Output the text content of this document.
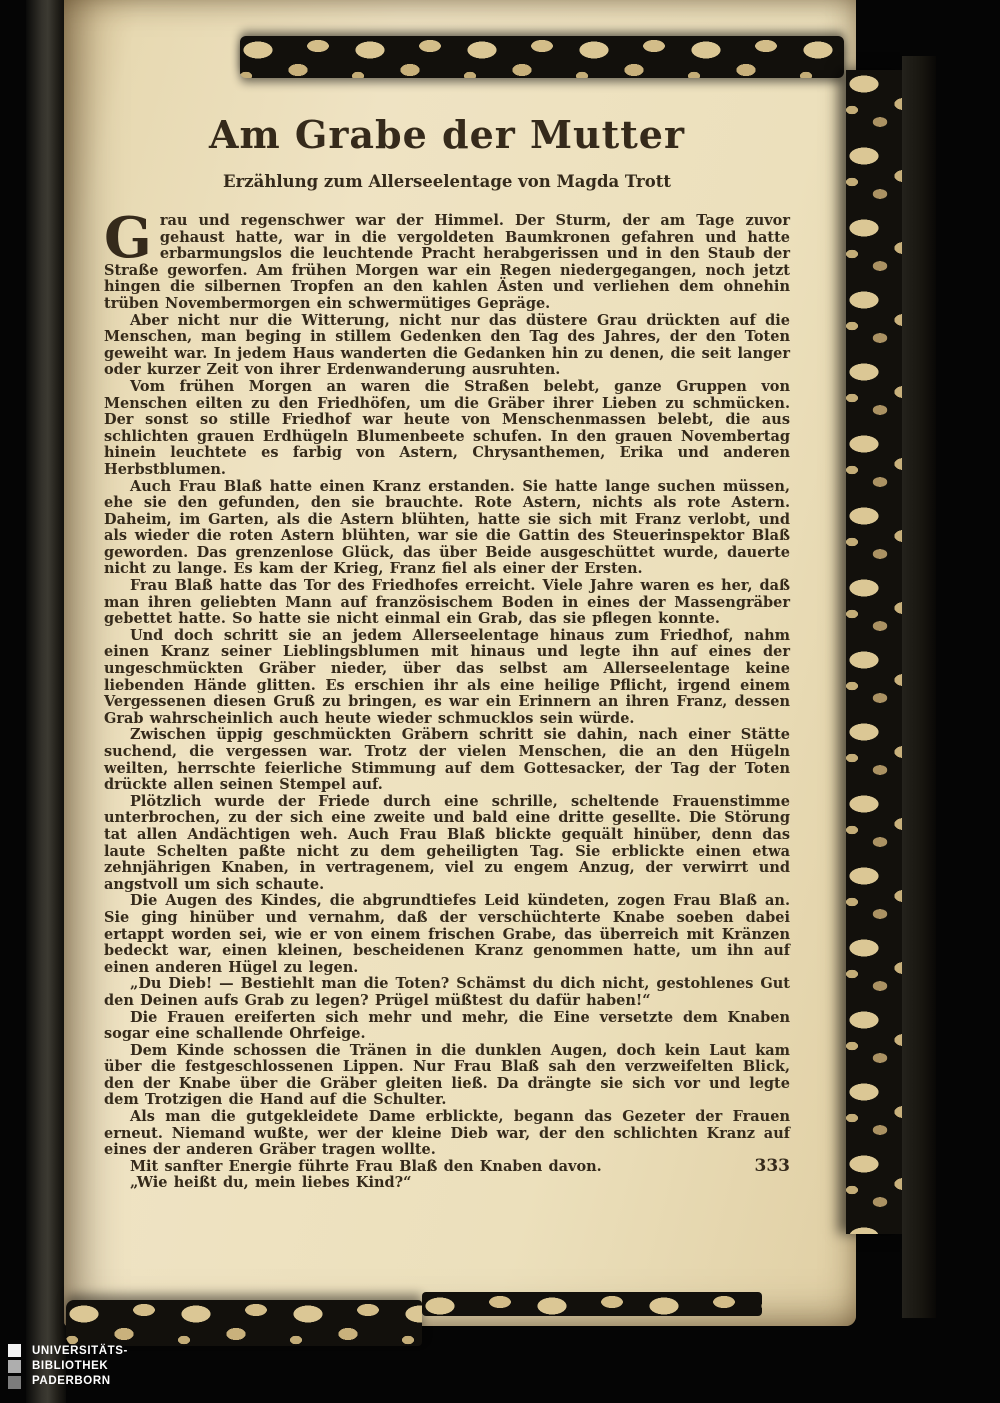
Am Grabe der Mutter
Erzählung zum Allerseelentage von Magda Trott

Grau und regenschwer war der Himmel. Der Sturm, der am Tage zuvor gehaust hatte, war in die vergoldeten Baumkronen gefahren und hatte erbarmungslos die leuchtende Pracht herabgerissen und in den Staub der Straße geworfen. Am frühen Morgen war ein Regen niedergegangen, noch jetzt hingen die silbernen Tropfen an den kahlen Ästen und verliehen dem ohnehin trüben Novembermorgen ein schwermütiges Gepräge.

Aber nicht nur die Witterung, nicht nur das düstere Grau drückten auf die Menschen, man beging in stillem Gedenken den Tag des Jahres, der den Toten geweiht war. In jedem Haus wanderten die Gedanken hin zu denen, die seit langer oder kurzer Zeit von ihrer Erdenwanderung ausruhten.

Vom frühen Morgen an waren die Straßen belebt, ganze Gruppen von Menschen eilten zu den Friedhöfen, um die Gräber ihrer Lieben zu schmücken. Der sonst so stille Friedhof war heute von Menschenmassen belebt, die aus schlichten grauen Erdhügeln Blumenbeete schufen. In den grauen Novembertag hinein leuchtete es farbig von Astern, Chrysanthemen, Erika und anderen Herbstblumen.

Auch Frau Blaß hatte einen Kranz erstanden. Sie hatte lange suchen müssen, ehe sie den gefunden, den sie brauchte. Rote Astern, nichts als rote Astern. Daheim, im Garten, als die Astern blühten, hatte sie sich mit Franz verlobt, und als wieder die roten Astern blühten, war sie die Gattin des Steuerinspektor Blaß geworden. Das grenzenlose Glück, das über Beide ausgeschüttet wurde, dauerte nicht zu lange. Es kam der Krieg, Franz fiel als einer der Ersten.

Frau Blaß hatte das Tor des Friedhofes erreicht. Viele Jahre waren es her, daß man ihren geliebten Mann auf französischem Boden in eines der Massengräber gebettet hatte. So hatte sie nicht einmal ein Grab, das sie pflegen konnte.

Und doch schritt sie an jedem Allerseelentage hinaus zum Friedhof, nahm einen Kranz seiner Lieblingsblumen mit hinaus und legte ihn auf eines der ungeschmückten Gräber nieder, über das selbst am Allerseelentage keine liebenden Hände glitten. Es erschien ihr als eine heilige Pflicht, irgend einem Vergessenen diesen Gruß zu bringen, es war ein Erinnern an ihren Franz, dessen Grab wahrscheinlich auch heute wieder schmucklos sein würde.

Zwischen üppig geschmückten Gräbern schritt sie dahin, nach einer Stätte suchend, die vergessen war. Trotz der vielen Menschen, die an den Hügeln weilten, herrschte feierliche Stimmung auf dem Gottesacker, der Tag der Toten drückte allen seinen Stempel auf.

Plötzlich wurde der Friede durch eine schrille, scheltende Frauenstimme unterbrochen, zu der sich eine zweite und bald eine dritte gesellte. Die Störung tat allen Andächtigen weh. Auch Frau Blaß blickte gequält hinüber, denn das laute Schelten paßte nicht zu dem geheiligten Tag. Sie erblickte einen etwa zehnjährigen Knaben, in vertragenem, viel zu engem Anzug, der verwirrt und angstvoll um sich schaute.

Die Augen des Kindes, die abgrundtiefes Leid kündeten, zogen Frau Blaß an. Sie ging hinüber und vernahm, daß der verschüchterte Knabe soeben dabei ertappt worden sei, wie er von einem frischen Grabe, das überreich mit Kränzen bedeckt war, einen kleinen, bescheidenen Kranz genommen hatte, um ihn auf einen anderen Hügel zu legen.

„Du Dieb! — Bestiehlt man die Toten? Schämst du dich nicht, gestohlenes Gut den Deinen aufs Grab zu legen? Prügel müßtest du dafür haben!“

Die Frauen ereiferten sich mehr und mehr, die Eine versetzte dem Knaben sogar eine schallende Ohrfeige.

Dem Kinde schossen die Tränen in die dunklen Augen, doch kein Laut kam über die festgeschlossenen Lippen. Nur Frau Blaß sah den verzweifelten Blick, den der Knabe über die Gräber gleiten ließ. Da drängte sie sich vor und legte dem Trotzigen die Hand auf die Schulter.

Als man die gutgekleidete Dame erblickte, begann das Gezeter der Frauen erneut. Niemand wußte, wer der kleine Dieb war, der den schlichten Kranz auf eines der anderen Gräber tragen wollte.

Mit sanfter Energie führte Frau Blaß den Knaben davon.

„Wie heißt du, mein liebes Kind?“

333
UNIVERSITÄTS-
BIBLIOTHEK
PADERBORN
